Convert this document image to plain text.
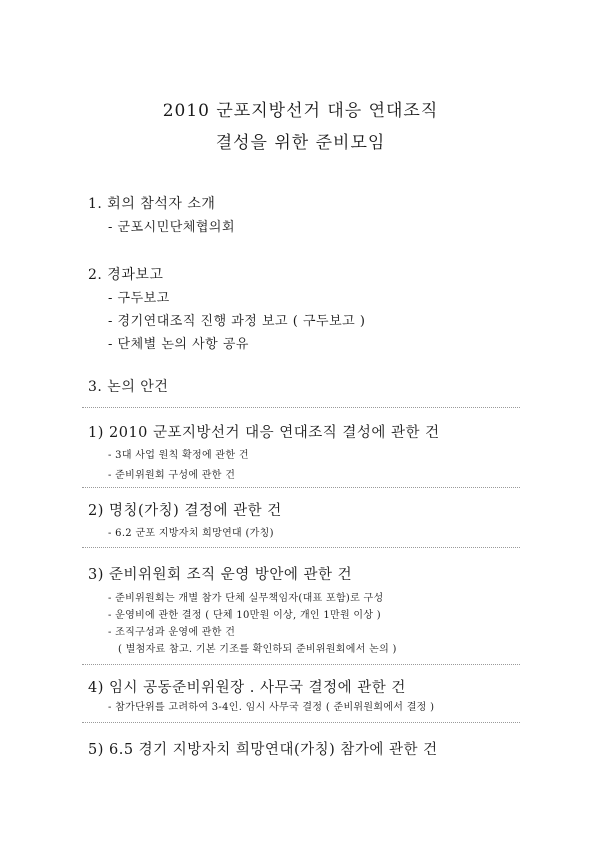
2010 군포지방선거 대응 연대조직
결성을 위한 준비모임
1. 회의 참석자 소개
- 군포시민단체협의회
2. 경과보고
- 구두보고
- 경기연대조직 진행 과정 보고 ( 구두보고 )
- 단체별 논의 사항 공유
3. 논의 안건
1) 2010 군포지방선거 대응 연대조직 결성에 관한 건
- 3대 사업 원칙 확정에 관한 건
- 준비위원회 구성에 관한 건
2) 명칭(가칭) 결정에 관한 건
- 6.2 군포 지방자치 희망연대 (가칭)
3) 준비위원회 조직 운영 방안에 관한 건
- 준비위원회는 개별 참가 단체 실무책임자(대표 포함)로 구성
- 운영비에 관한 결정 ( 단체 10만원 이상, 개인 1만원 이상 )
- 조직구성과 운영에 관한 건
( 별첨자료 참고. 기본 기조를 확인하되 준비위원회에서 논의 )
4) 임시 공동준비위원장 . 사무국 결정에 관한 건
- 참가단위를 고려하여 3-4인. 임시 사무국 결정 ( 준비위원회에서 결정 )
5) 6.5 경기 지방자치 희망연대(가칭) 참가에 관한 건
